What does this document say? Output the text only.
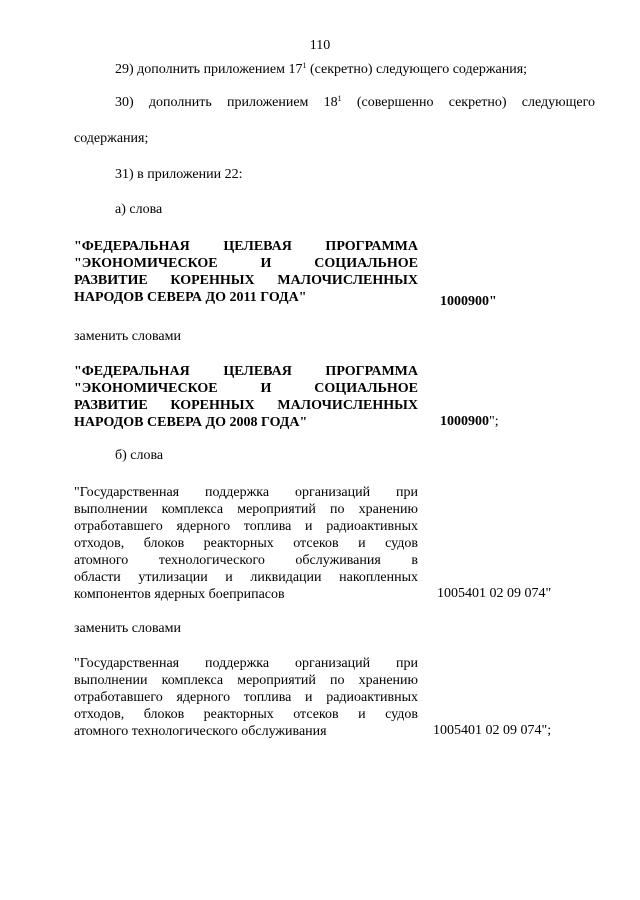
110
29) дополнить приложением $17^1$ (секретно) следующего содержания;
30) дополнить приложением $18^1$ (совершенно секретно) следующего
содержания;
31) в приложении 22:
а) слова
"ФЕДЕРАЛЬНАЯ ЦЕЛЕВАЯ ПРОГРАММА
"ЭКОНОМИЧЕСКОЕ И СОЦИАЛЬНОЕ
РАЗВИТИЕ КОРЕННЫХ МАЛОЧИСЛЕННЫХ
НАРОДОВ СЕВЕРА ДО 2011 ГОДА"	1000900"
заменить словами
"ФЕДЕРАЛЬНАЯ ЦЕЛЕВАЯ ПРОГРАММА
"ЭКОНОМИЧЕСКОЕ И СОЦИАЛЬНОЕ
РАЗВИТИЕ КОРЕННЫХ МАЛОЧИСЛЕННЫХ
НАРОДОВ СЕВЕРА ДО 2008 ГОДА"	1000900";
б) слова
"Государственная поддержка организаций при
выполнении комплекса мероприятий по хранению
отработавшего ядерного топлива и радиоактивных
отходов, блоков реакторных отсеков и судов
атомного технологического обслуживания в
области утилизации и ликвидации накопленных
компонентов ядерных боеприпасов	1005401 02 09 074"
заменить словами
"Государственная поддержка организаций при
выполнении комплекса мероприятий по хранению
отработавшего ядерного топлива и радиоактивных
отходов, блоков реакторных отсеков и судов
атомного технологического обслуживания	1005401 02 09 074";
